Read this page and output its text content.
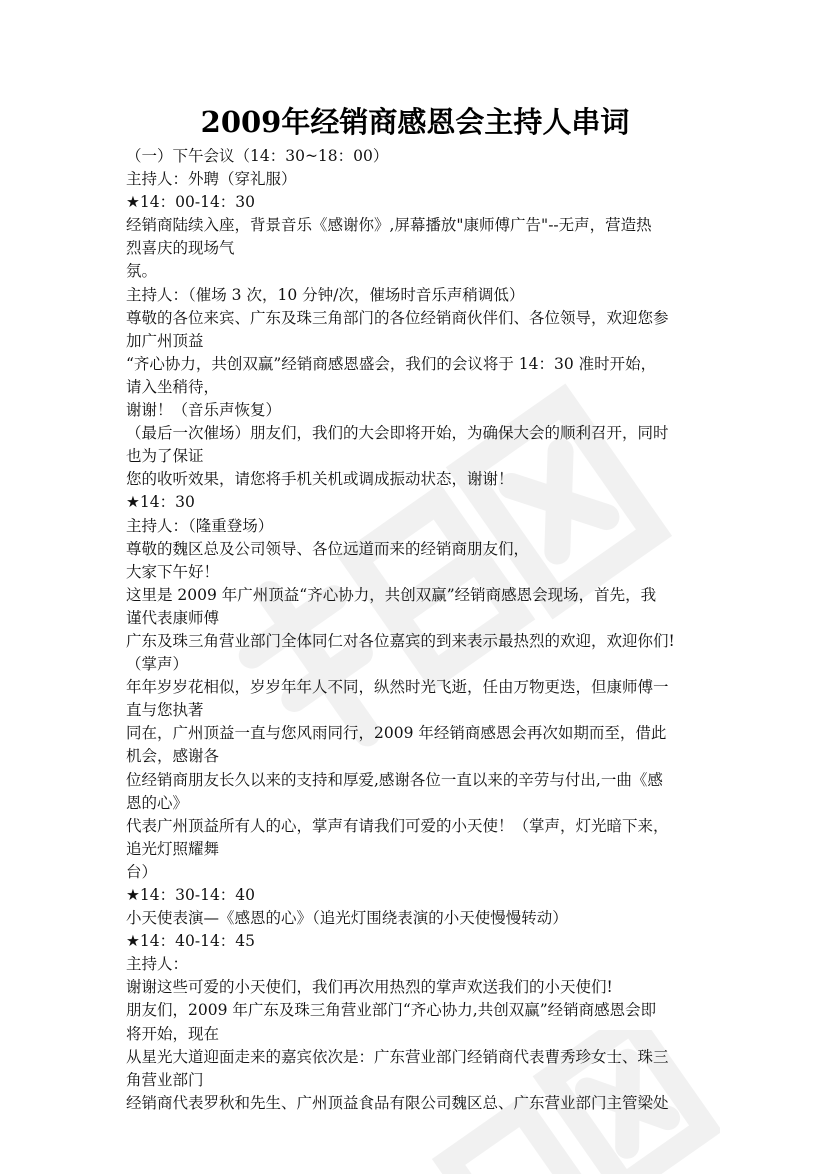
2009年经销商感恩会主持人串词
（一）下午会议（14：30~18：00）
主持人：外聘（穿礼服）
★14：00-14：30
经销商陆续入座，背景音乐《感谢你》,屏幕播放"康师傅广告"--无声，营造热
烈喜庆的现场气
氛。
主持人：（催场 3 次，10 分钟/次，催场时音乐声稍调低）
尊敬的各位来宾、广东及珠三角部门的各位经销商伙伴们、各位领导，欢迎您参
加广州顶益
“齐心协力，共创双赢”经销商感恩盛会，我们的会议将于 14：30 准时开始，
请入坐稍待，
谢谢！（音乐声恢复）
（最后一次催场）朋友们，我们的大会即将开始，为确保大会的顺利召开，同时
也为了保证
您的收听效果，请您将手机关机或调成振动状态，谢谢！
★14：30
主持人：（隆重登场）
尊敬的魏区总及公司领导、各位远道而来的经销商朋友们，
大家下午好！
这里是 2009 年广州顶益“齐心协力，共创双赢”经销商感恩会现场，首先，我
谨代表康师傅
广东及珠三角营业部门全体同仁对各位嘉宾的到来表示最热烈的欢迎，欢迎你们!
（掌声）
年年岁岁花相似，岁岁年年人不同，纵然时光飞逝，任由万物更迭，但康师傅一
直与您执著
同在，广州顶益一直与您风雨同行，2009 年经销商感恩会再次如期而至，借此
机会，感谢各
位经销商朋友长久以来的支持和厚爱,感谢各位一直以来的辛劳与付出,一曲《感
恩的心》
代表广州顶益所有人的心，掌声有请我们可爱的小天使！（掌声，灯光暗下来，
追光灯照耀舞
台）
★14：30-14：40
小天使表演—《感恩的心》（追光灯围绕表演的小天使慢慢转动）
★14：40-14：45
主持人：
谢谢这些可爱的小天使们，我们再次用热烈的掌声欢送我们的小天使们!
朋友们，2009 年广东及珠三角营业部门“齐心协力,共创双赢”经销商感恩会即
将开始，现在
从星光大道迎面走来的嘉宾依次是：广东营业部门经销商代表曹秀珍女士、珠三
角营业部门
经销商代表罗秋和先生、广州顶益食品有限公司魏区总、广东营业部门主管梁处
